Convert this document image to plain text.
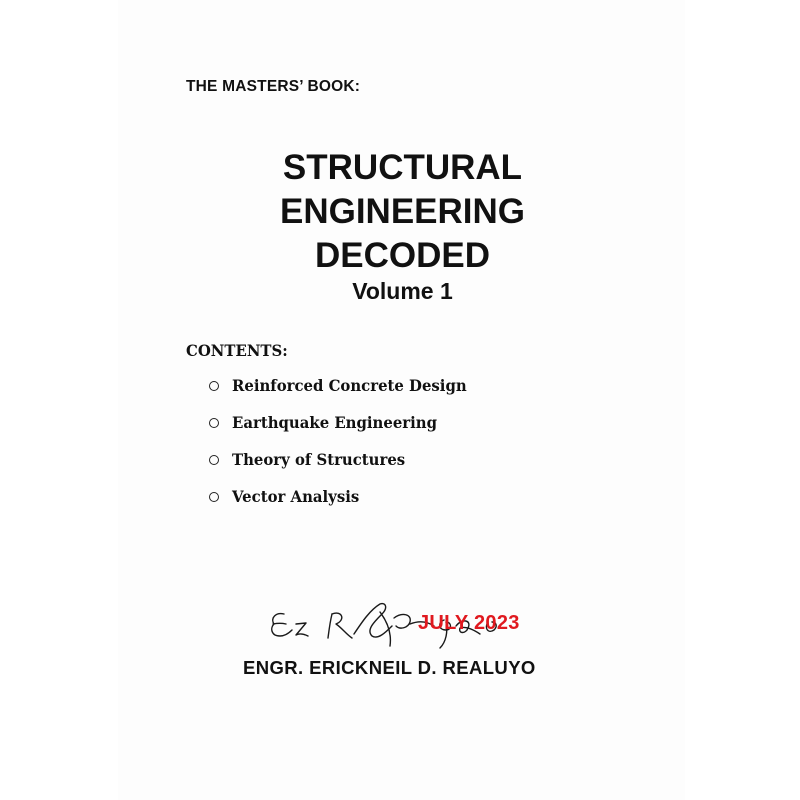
THE MASTERS’ BOOK:
STRUCTURAL
ENGINEERING
DECODED
Volume 1
CONTENTS:
Reinforced Concrete Design
Earthquake Engineering
Theory of Structures
Vector Analysis
JULY 2023
ENGR. ERICKNEIL D. REALUYO
